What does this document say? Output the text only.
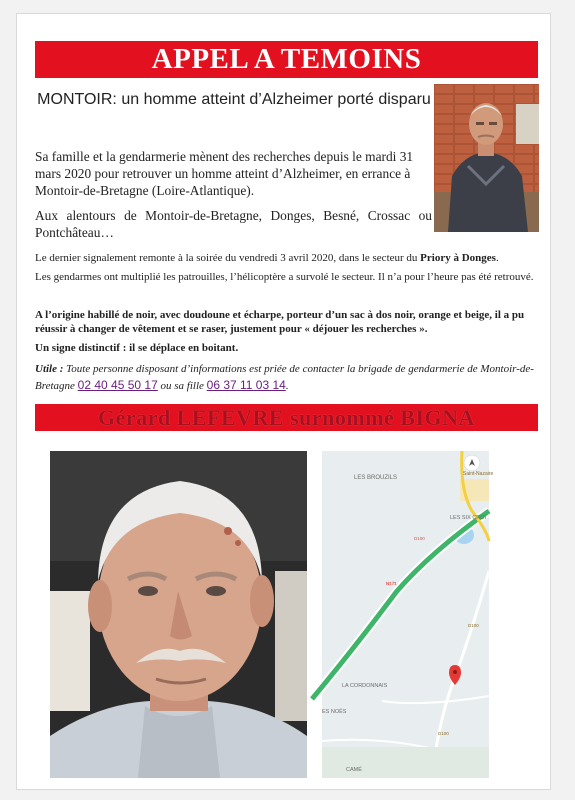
APPEL A TEMOINS
MONTOIR: un homme atteint d’Alzheimer porté disparu
Sa famille et la gendarmerie mènent des recherches depuis le mardi 31 mars 2020 pour retrouver un homme atteint d’Alzheimer, en errance à Montoir-de-Bretagne (Loire-Atlantique).
Aux alentours de Montoir-de-Bretagne, Donges, Besné, Crossac ou Pontchâteau…
Le dernier signalement remonte à la soirée du vendredi 3 avril 2020, dans le secteur du Priory à Donges.
Les gendarmes ont multiplié les patrouilles, l’hélicoptère a survolé le secteur. Il n’a pour l’heure pas été retrouvé.
A l’origine habillé de noir, avec doudoune et écharpe, porteur d’un sac à dos noir, orange et beige, il a pu réussir à changer de vêtement et se raser, justement pour « déjouer les recherches ».
Un signe distinctif : il se déplace en boitant.
Utile : Toute personne disposant d’informations est priée de contacter la brigade de gendarmerie de Montoir-de-Bretagne 02 40 45 50 17 ou sa fille 06 37 11 03 14.
Gérard LEFEVRE surnommé BIGNA
LES BROUZILS
Saint-Nazaire
LES SIX CROI
LA CORDONNAIS
ES NOËS
CAMÉ
N171
D100
D100
D100
